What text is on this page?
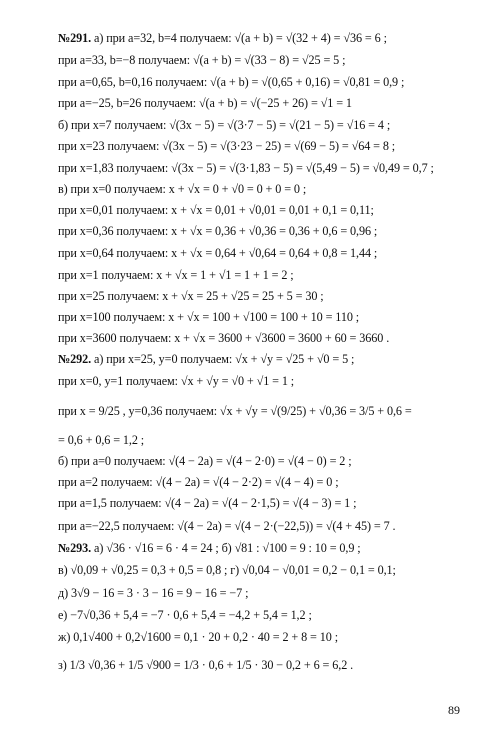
№291. а) при a=32, b=4 получаем: √(a + b) = √(32 + 4) = √36 = 6 ;
при a=33, b=−8 получаем: √(a + b) = √(33 − 8) = √25 = 5 ;
при a=0,65, b=0,16 получаем: √(a + b) = √(0,65 + 0,16) = √0,81 = 0,9 ;
при a=−25, b=26 получаем: √(a + b) = √(−25 + 26) = √1 = 1
б) при x=7 получаем: √(3x − 5) = √(3·7 − 5) = √(21 − 5) = √16 = 4 ;
при x=23 получаем: √(3x − 5) = √(3·23 − 25) = √(69 − 5) = √64 = 8 ;
при x=1,83 получаем: √(3x − 5) = √(3·1,83 − 5) = √(5,49 − 5) = √0,49 = 0,7 ;
в) при x=0 получаем: x + √x = 0 + √0 = 0 + 0 = 0 ;
при x=0,01 получаем: x + √x = 0,01 + √0,01 = 0,01 + 0,1 = 0,11;
при x=0,36 получаем: x + √x = 0,36 + √0,36 = 0,36 + 0,6 = 0,96 ;
при x=0,64 получаем: x + √x = 0,64 + √0,64 = 0,64 + 0,8 = 1,44 ;
при x=1 получаем: x + √x = 1 + √1 = 1 + 1 = 2 ;
при x=25 получаем: x + √x = 25 + √25 = 25 + 5 = 30 ;
при x=100 получаем: x + √x = 100 + √100 = 100 + 10 = 110 ;
при x=3600 получаем: x + √x = 3600 + √3600 = 3600 + 60 = 3660 .
№292. а) при x=25, y=0 получаем: √x + √y = √25 + √0 = 5 ;
при x=0, y=1 получаем: √x + √y = √0 + √1 = 1 ;
при x = 9/25 , y=0,36 получаем: √x + √y = √(9/25) + √0,36 = 3/5 + 0,6 =
= 0,6 + 0,6 = 1,2 ;
б) при a=0 получаем: √(4 − 2a) = √(4 − 2·0) = √(4 − 0) = 2 ;
при a=2 получаем: √(4 − 2a) = √(4 − 2·2) = √(4 − 4) = 0 ;
при a=1,5 получаем: √(4 − 2a) = √(4 − 2·1,5) = √(4 − 3) = 1 ;
при a=−22,5 получаем: √(4 − 2a) = √(4 − 2·(−22,5)) = √(4 + 45) = 7 .
№293. а) √36 · √16 = 6 · 4 = 24 ; б) √81 : √100 = 9 : 10 = 0,9 ;
в) √0,09 + √0,25 = 0,3 + 0,5 = 0,8 ; г) √0,04 − √0,01 = 0,2 − 0,1 = 0,1;
д) 3√9 − 16 = 3 · 3 − 16 = 9 − 16 = −7 ;
е) −7√0,36 + 5,4 = −7 · 0,6 + 5,4 = −4,2 + 5,4 = 1,2 ;
ж) 0,1√400 + 0,2√1600 = 0,1 · 20 + 0,2 · 40 = 2 + 8 = 10 ;
з) 1/3 √0,36 + 1/5 √900 = 1/3 · 0,6 + 1/5 · 30 − 0,2 + 6 = 6,2 .
89
